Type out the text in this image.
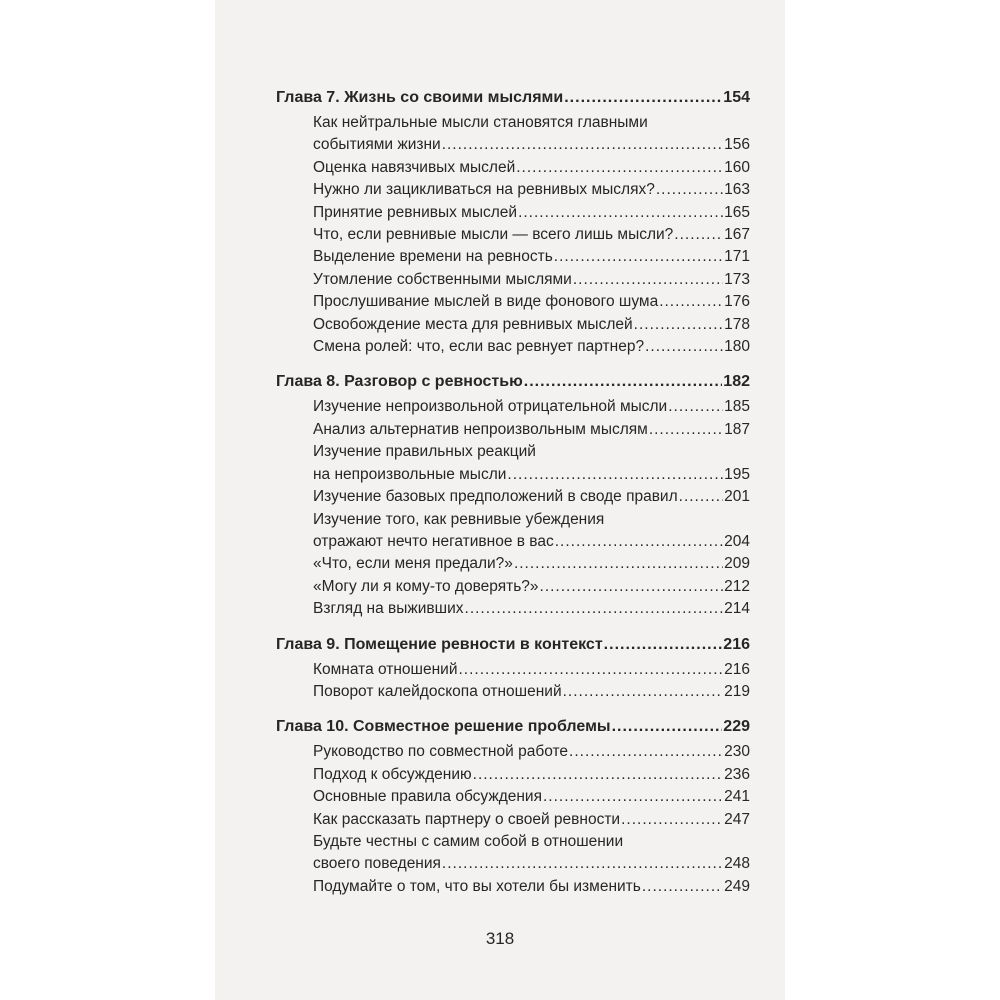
Глава 7. Жизнь со своими мыслями .....	154
Как нейтральные мысли становятся главными
событиями жизни .....	156
Оценка навязчивых мыслей .....	160
Нужно ли зацикливаться на ревнивых мыслях? .....	163
Принятие ревнивых мыслей .....	165
Что, если ревнивые мысли — всего лишь мысли? .....	167
Выделение времени на ревность .....	171
Утомление собственными мыслями .....	173
Прослушивание мыслей в виде фонового шума .....	176
Освобождение места для ревнивых мыслей .....	178
Смена ролей: что, если вас ревнует партнер? .....	180
Глава 8. Разговор с ревностью .....	182
Изучение непроизвольной отрицательной мысли .....	185
Анализ альтернатив непроизвольным мыслям .....	187
Изучение правильных реакций
на непроизвольные мысли .....	195
Изучение базовых предположений в своде правил .....	201
Изучение того, как ревнивые убеждения
отражают нечто негативное в вас .....	204
«Что, если меня предали?» .....	209
«Могу ли я кому-то доверять?» .....	212
Взгляд на выживших .....	214
Глава 9. Помещение ревности в контекст .....	216
Комната отношений .....	216
Поворот калейдоскопа отношений .....	219
Глава 10. Совместное решение проблемы .....	229
Руководство по совместной работе .....	230
Подход к обсуждению .....	236
Основные правила обсуждения .....	241
Как рассказать партнеру о своей ревности .....	247
Будьте честны с самим собой в отношении
своего поведения .....	248
Подумайте о том, что вы хотели бы изменить .....	249
318
